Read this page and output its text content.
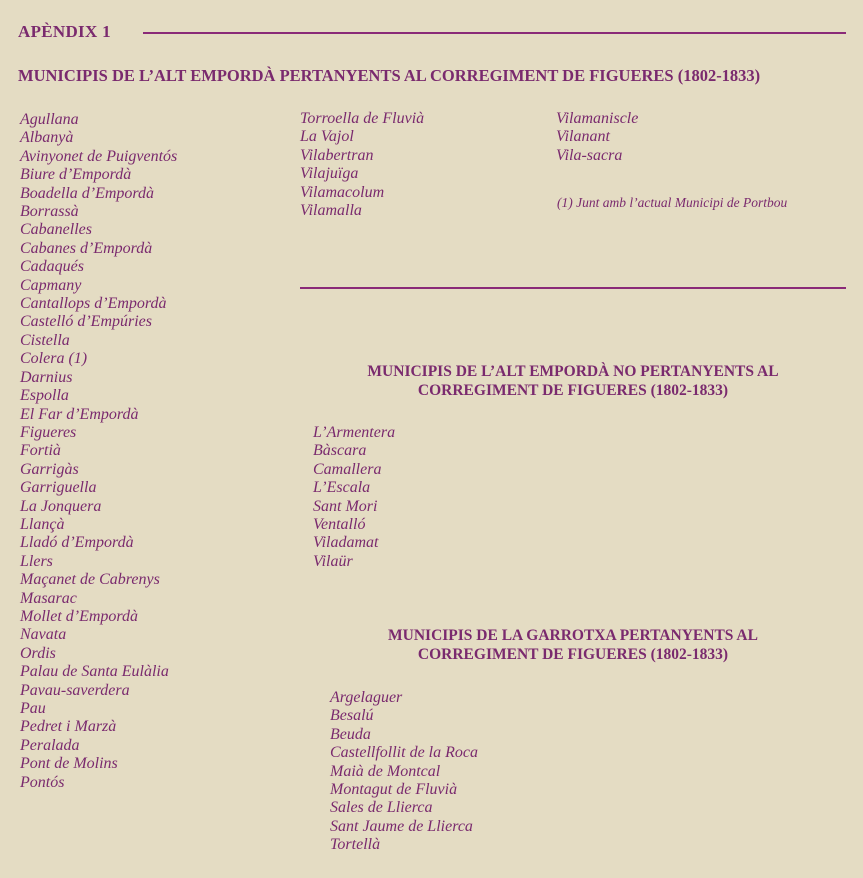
APÈNDIX 1
MUNICIPIS DE L’ALT EMPORDÀ PERTANYENTS AL CORREGIMENT DE FIGUERES (1802-1833)
Agullana
Albanyà
Avinyonet de Puigventós
Biure d’Empordà
Boadella d’Empordà
Borrassà
Cabanelles
Cabanes d’Empordà
Cadaqués
Capmany
Cantallops d’Empordà
Castelló d’Empúries
Cistella
Colera (1)
Darnius
Espolla
El Far d’Empordà
Figueres
Fortià
Garrigàs
Garriguella
La Jonquera
Llançà
Lladó d’Empordà
Llers
Maçanet de Cabrenys
Masarac
Mollet d’Empordà
Navata
Ordis
Palau de Santa Eulàlia
Pavau-saverdera
Pau
Pedret i Marzà
Peralada
Pont de Molins
Pontós
Torroella de Fluvià
La Vajol
Vilabertran
Vilajuïga
Vilamacolum
Vilamalla
Vilamaniscle
Vilanant
Vila-sacra
(1) Junt amb l’actual Municipi de Portbou
MUNICIPIS DE L’ALT EMPORDÀ NO PERTANYENTS AL
CORREGIMENT DE FIGUERES (1802-1833)
L’Armentera
Bàscara
Camallera
L’Escala
Sant Mori
Ventalló
Viladamat
Vilaür
MUNICIPIS DE LA GARROTXA PERTANYENTS AL
CORREGIMENT DE FIGUERES (1802-1833)
Argelaguer
Besalú
Beuda
Castellfollit de la Roca
Maià de Montcal
Montagut de Fluvià
Sales de Llierca
Sant Jaume de Llierca
Tortellà
